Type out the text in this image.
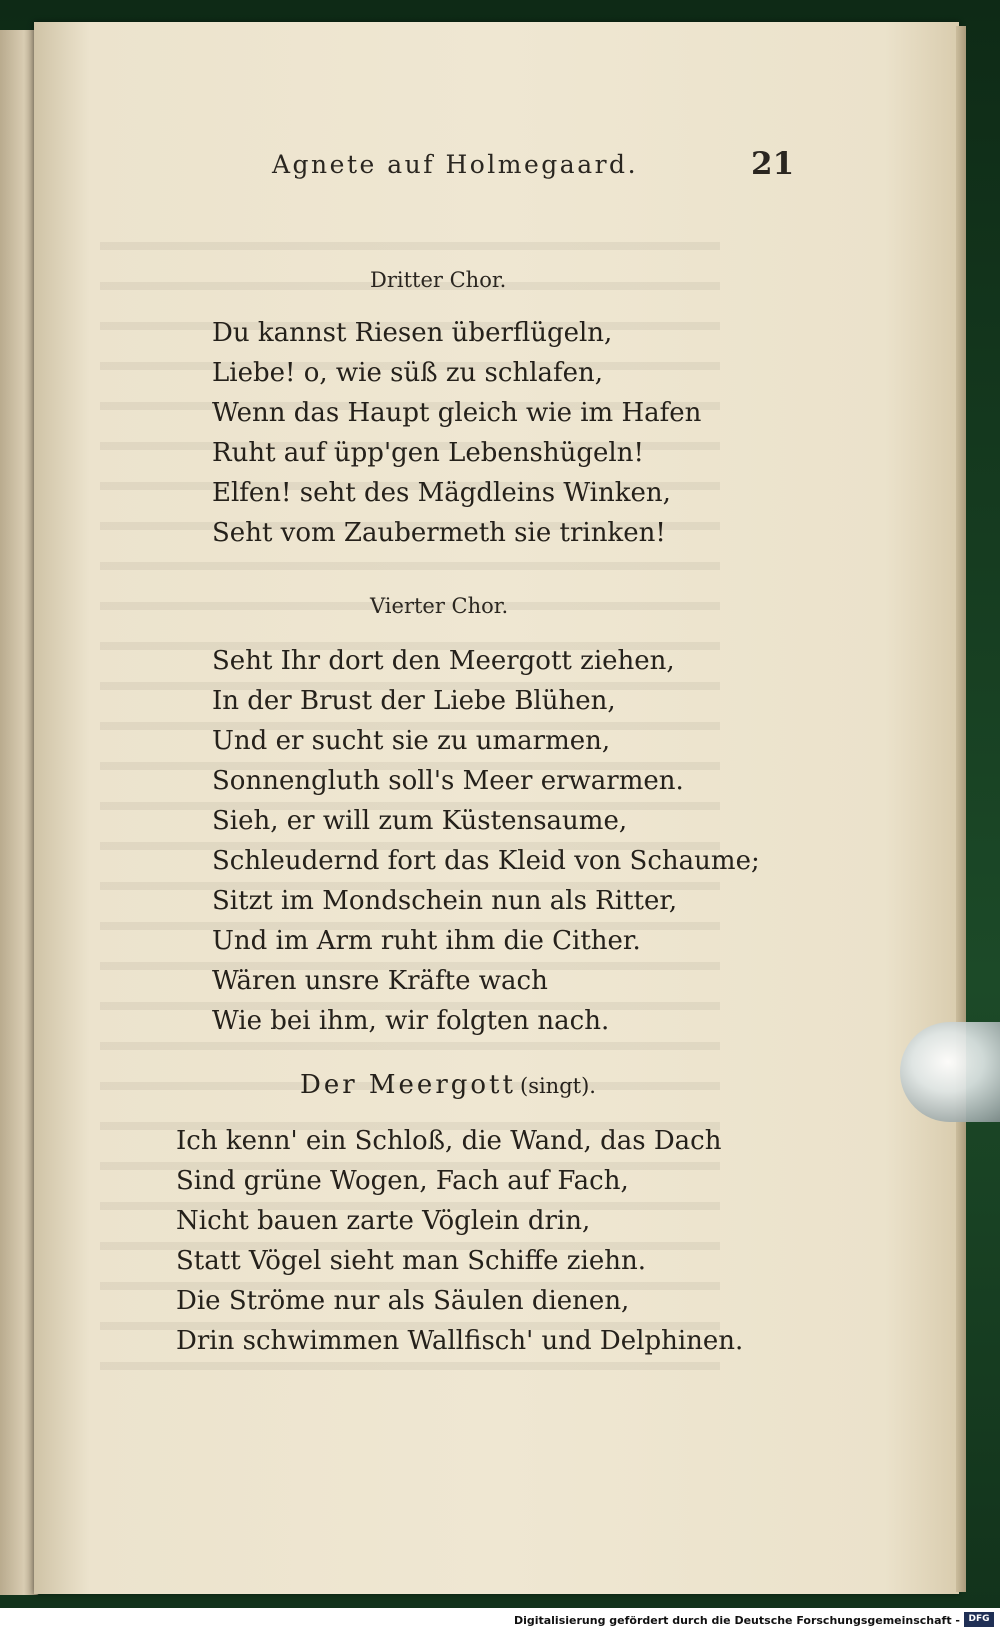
Agnete auf Holmegaard.	21
Dritter Chor.
Du kannst Riesen überflügeln,
Liebe! o, wie süß zu schlafen,
Wenn das Haupt gleich wie im Hafen
Ruht auf üpp'gen Lebenshügeln!
Elfen! seht des Mägdleins Winken,
Seht vom Zaubermeth sie trinken!
Vierter Chor.
Seht Ihr dort den Meergott ziehen,
In der Brust der Liebe Blühen,
Und er sucht sie zu umarmen,
Sonnengluth soll's Meer erwarmen.
Sieh, er will zum Küstensaume,
Schleudernd fort das Kleid von Schaume;
Sitzt im Mondschein nun als Ritter,
Und im Arm ruht ihm die Cither.
Wären unsre Kräfte wach
Wie bei ihm, wir folgten nach.
Der Meergott (singt).
Ich kenn' ein Schloß, die Wand, das Dach
Sind grüne Wogen, Fach auf Fach,
Nicht bauen zarte Vöglein drin,
Statt Vögel sieht man Schiffe ziehn.
Die Ströme nur als Säulen dienen,
Drin schwimmen Wallfisch' und Delphinen.
Digitalisierung gefördert durch die Deutsche Forschungsgemeinschaft - DFG
